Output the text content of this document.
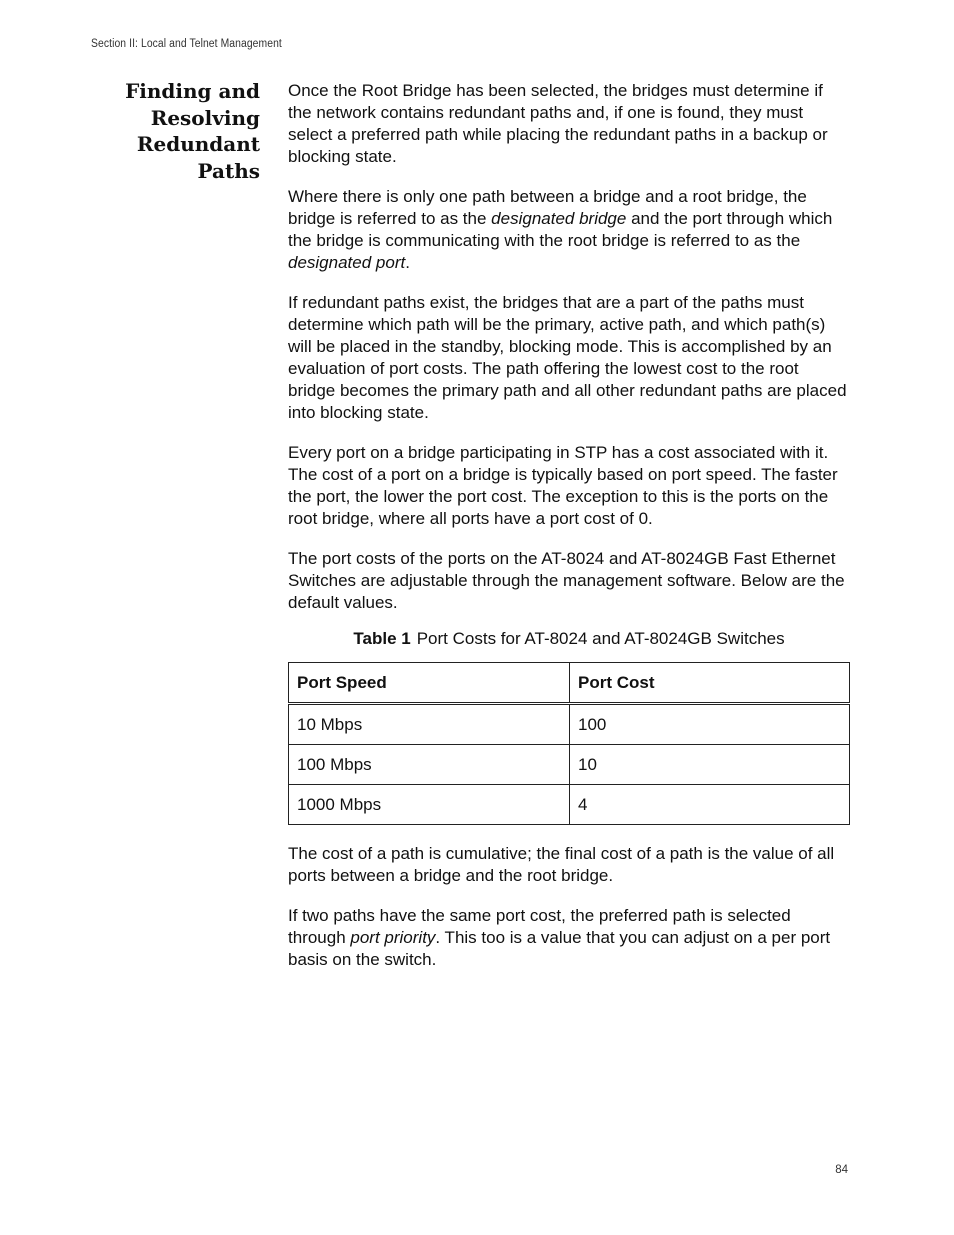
Section II: Local and Telnet Management
Finding and
Resolving
Redundant
Paths

Once the Root Bridge has been selected, the bridges must determine if the network contains redundant paths and, if one is found, they must select a preferred path while placing the redundant paths in a backup or blocking state.

Where there is only one path between a bridge and a root bridge, the bridge is referred to as the designated bridge and the port through which the bridge is communicating with the root bridge is referred to as the designated port.

If redundant paths exist, the bridges that are a part of the paths must determine which path will be the primary, active path, and which path(s) will be placed in the standby, blocking mode. This is accomplished by an evaluation of port costs. The path offering the lowest cost to the root bridge becomes the primary path and all other redundant paths are placed into blocking state.

Every port on a bridge participating in STP has a cost associated with it. The cost of a port on a bridge is typically based on port speed. The faster the port, the lower the port cost. The exception to this is the ports on the root bridge, where all ports have a port cost of 0.

The port costs of the ports on the AT-8024 and AT-8024GB Fast Ethernet Switches are adjustable through the management software. Below are the default values.

Table 1 Port Costs for AT-8024 and AT-8024GB Switches
Port Speed	Port Cost
10 Mbps	100
100 Mbps	10
1000 Mbps	4

The cost of a path is cumulative; the final cost of a path is the value of all ports between a bridge and the root bridge.

If two paths have the same port cost, the preferred path is selected through port priority. This too is a value that you can adjust on a per port basis on the switch.

84
